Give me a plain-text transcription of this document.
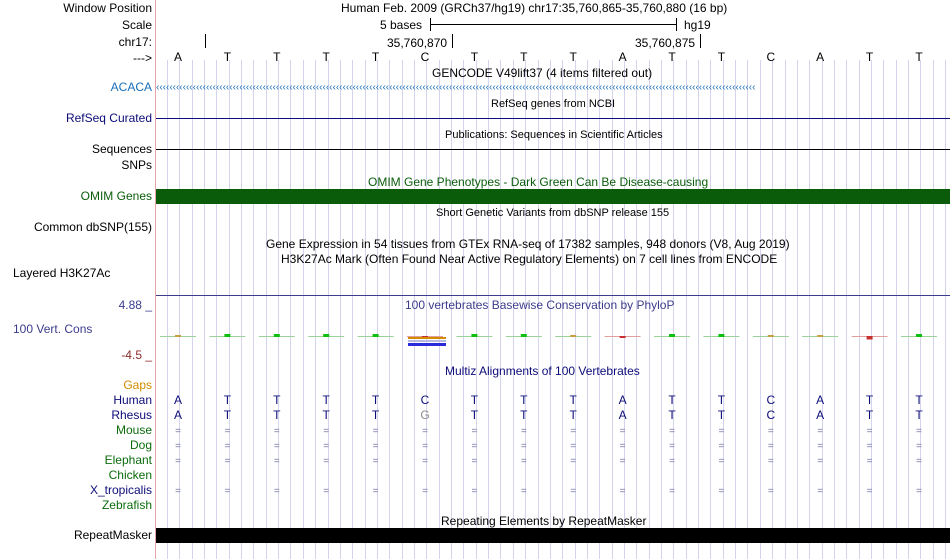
Window Position
Scale
chr17:
--->
ACACA
RefSeq Curated
Sequences
SNPs
OMIM Genes
Common dbSNP(155)
Layered H3K27Ac
4.88 _
100 Vert. Cons
-4.5 _
Gaps
Human
Rhesus
Mouse
Dog
Elephant
Chicken
X_tropicalis
Zebrafish
RepeatMasker
Human Feb. 2009 (GRCh37/hg19) chr17:35,760,865-35,760,880 (16 bp)
5 bases	hg19
35,760,870	35,760,875
A	T	T	T	T	C	T	T	T	A	T	T	C	A	T	T
GENCODE V49lift37 (4 items filtered out)
‹‹‹‹‹‹‹‹‹‹‹‹‹‹‹‹‹‹‹‹‹‹‹‹‹‹‹‹‹‹‹‹‹‹‹‹‹‹‹‹‹‹‹‹‹‹‹‹‹‹‹‹‹‹‹‹‹‹‹‹‹‹‹‹‹‹‹‹‹‹‹‹‹‹‹‹‹‹‹‹‹‹‹‹‹‹‹‹‹‹‹‹‹‹‹‹‹‹‹‹‹‹‹‹‹‹‹‹‹‹‹‹‹‹‹‹‹‹‹‹‹‹‹‹‹‹‹‹‹‹‹‹‹‹‹‹‹‹‹‹‹‹‹‹‹‹‹‹‹‹‹‹‹‹‹‹‹‹‹‹‹‹‹‹‹‹‹‹‹‹‹‹‹‹‹‹‹‹‹‹
RefSeq genes from NCBI
Publications: Sequences in Scientific Articles
OMIM Gene Phenotypes - Dark Green Can Be Disease-causing
Short Genetic Variants from dbSNP release 155
Gene Expression in 54 tissues from GTEx RNA-seq of 17382 samples, 948 donors (V8, Aug 2019)
H3K27Ac Mark (Often Found Near Active Regulatory Elements) on 7 cell lines from ENCODE
100 vertebrates Basewise Conservation by PhyloP
Multiz Alignments of 100 Vertebrates
A	T	T	T	T	C	T	T	T	A	T	T	C	A	T	T
A	T	T	T	T	G	T	T	T	A	T	T	C	A	T	T
=	=	=	=	=	=	=	=	=	=	=	=	=	=	=	=
=	=	=	=	=	=	=	=	=	=	=	=	=	=	=	=
=	=	=	=	=	=	=	=	=	=	=	=	=	=	=	=
=	=	=	=	=	=	=	=	=	=	=	=	=	=	=	=
Repeating Elements by RepeatMasker
